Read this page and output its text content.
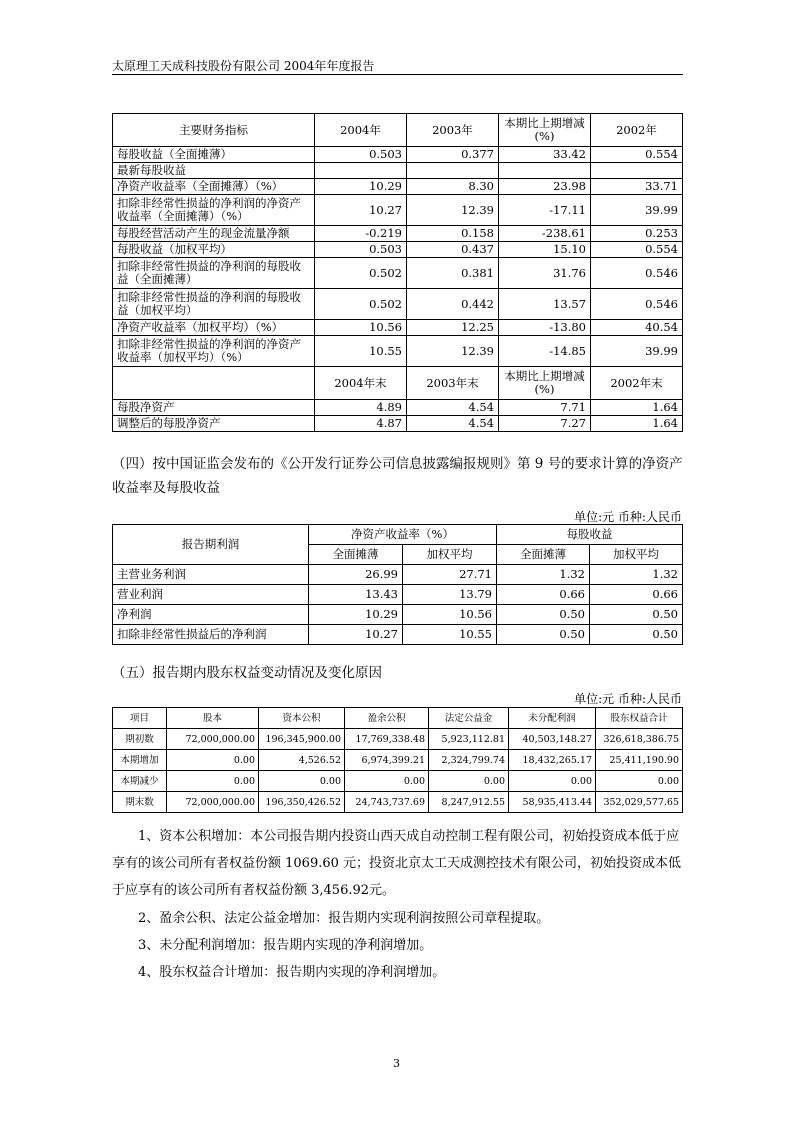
太原理工天成科技股份有限公司 2004年年度报告
主要财务指标	2004年	2003年	本期比上期增减(%)	2002年
每股收益（全面摊薄）	0.503	0.377	33.42	0.554
最新每股收益				
净资产收益率（全面摊薄）（%）	10.29	8.30	23.98	33.71
扣除非经常性损益的净利润的净资产收益率（全面摊薄）（%）	10.27	12.39	-17.11	39.99
每股经营活动产生的现金流量净额	-0.219	0.158	-238.61	0.253
每股收益（加权平均）	0.503	0.437	15.10	0.554
扣除非经常性损益的净利润的每股收益（全面摊薄）	0.502	0.381	31.76	0.546
扣除非经常性损益的净利润的每股收益（加权平均）	0.502	0.442	13.57	0.546
净资产收益率（加权平均）（%）	10.56	12.25	-13.80	40.54
扣除非经常性损益的净利润的净资产收益率（加权平均）（%）	10.55	12.39	-14.85	39.99
	2004年末	2003年末	本期比上期增减(%)	2002年末
每股净资产	4.89	4.54	7.71	1.64
调整后的每股净资产	4.87	4.54	7.27	1.64
（四）按中国证监会发布的《公开发行证券公司信息披露编报规则》第 9 号的要求计算的净资产收益率及每股收益
单位:元 币种:人民币
报告期利润	净资产收益率（%）		每股收益	
	全面摊薄	加权平均	全面摊薄	加权平均
主营业务利润	26.99	27.71	1.32	1.32
营业利润	13.43	13.79	0.66	0.66
净利润	10.29	10.56	0.50	0.50
扣除非经常性损益后的净利润	10.27	10.55	0.50	0.50
（五）报告期内股东权益变动情况及变化原因
单位:元 币种:人民币
项目	股本	资本公积	盈余公积	法定公益金	未分配利润	股东权益合计
期初数	72,000,000.00	196,345,900.00	17,769,338.48	5,923,112.81	40,503,148.27	326,618,386.75
本期增加	0.00	4,526.52	6,974,399.21	2,324,799.74	18,432,265.17	25,411,190.90
本期减少	0.00	0.00	0.00	0.00	0.00	0.00
期末数	72,000,000.00	196,350,426.52	24,743,737.69	8,247,912.55	58,935,413.44	352,029,577.65
1、资本公积增加：本公司报告期内投资山西天成自动控制工程有限公司，初始投资成本低于应享有的该公司所有者权益份额 1069.60 元；投资北京太工天成测控技术有限公司，初始投资成本低于应享有的该公司所有者权益份额 3,456.92元。
2、盈余公积、法定公益金增加：报告期内实现利润按照公司章程提取。
3、未分配利润增加：报告期内实现的净利润增加。
4、股东权益合计增加：报告期内实现的净利润增加。
3
